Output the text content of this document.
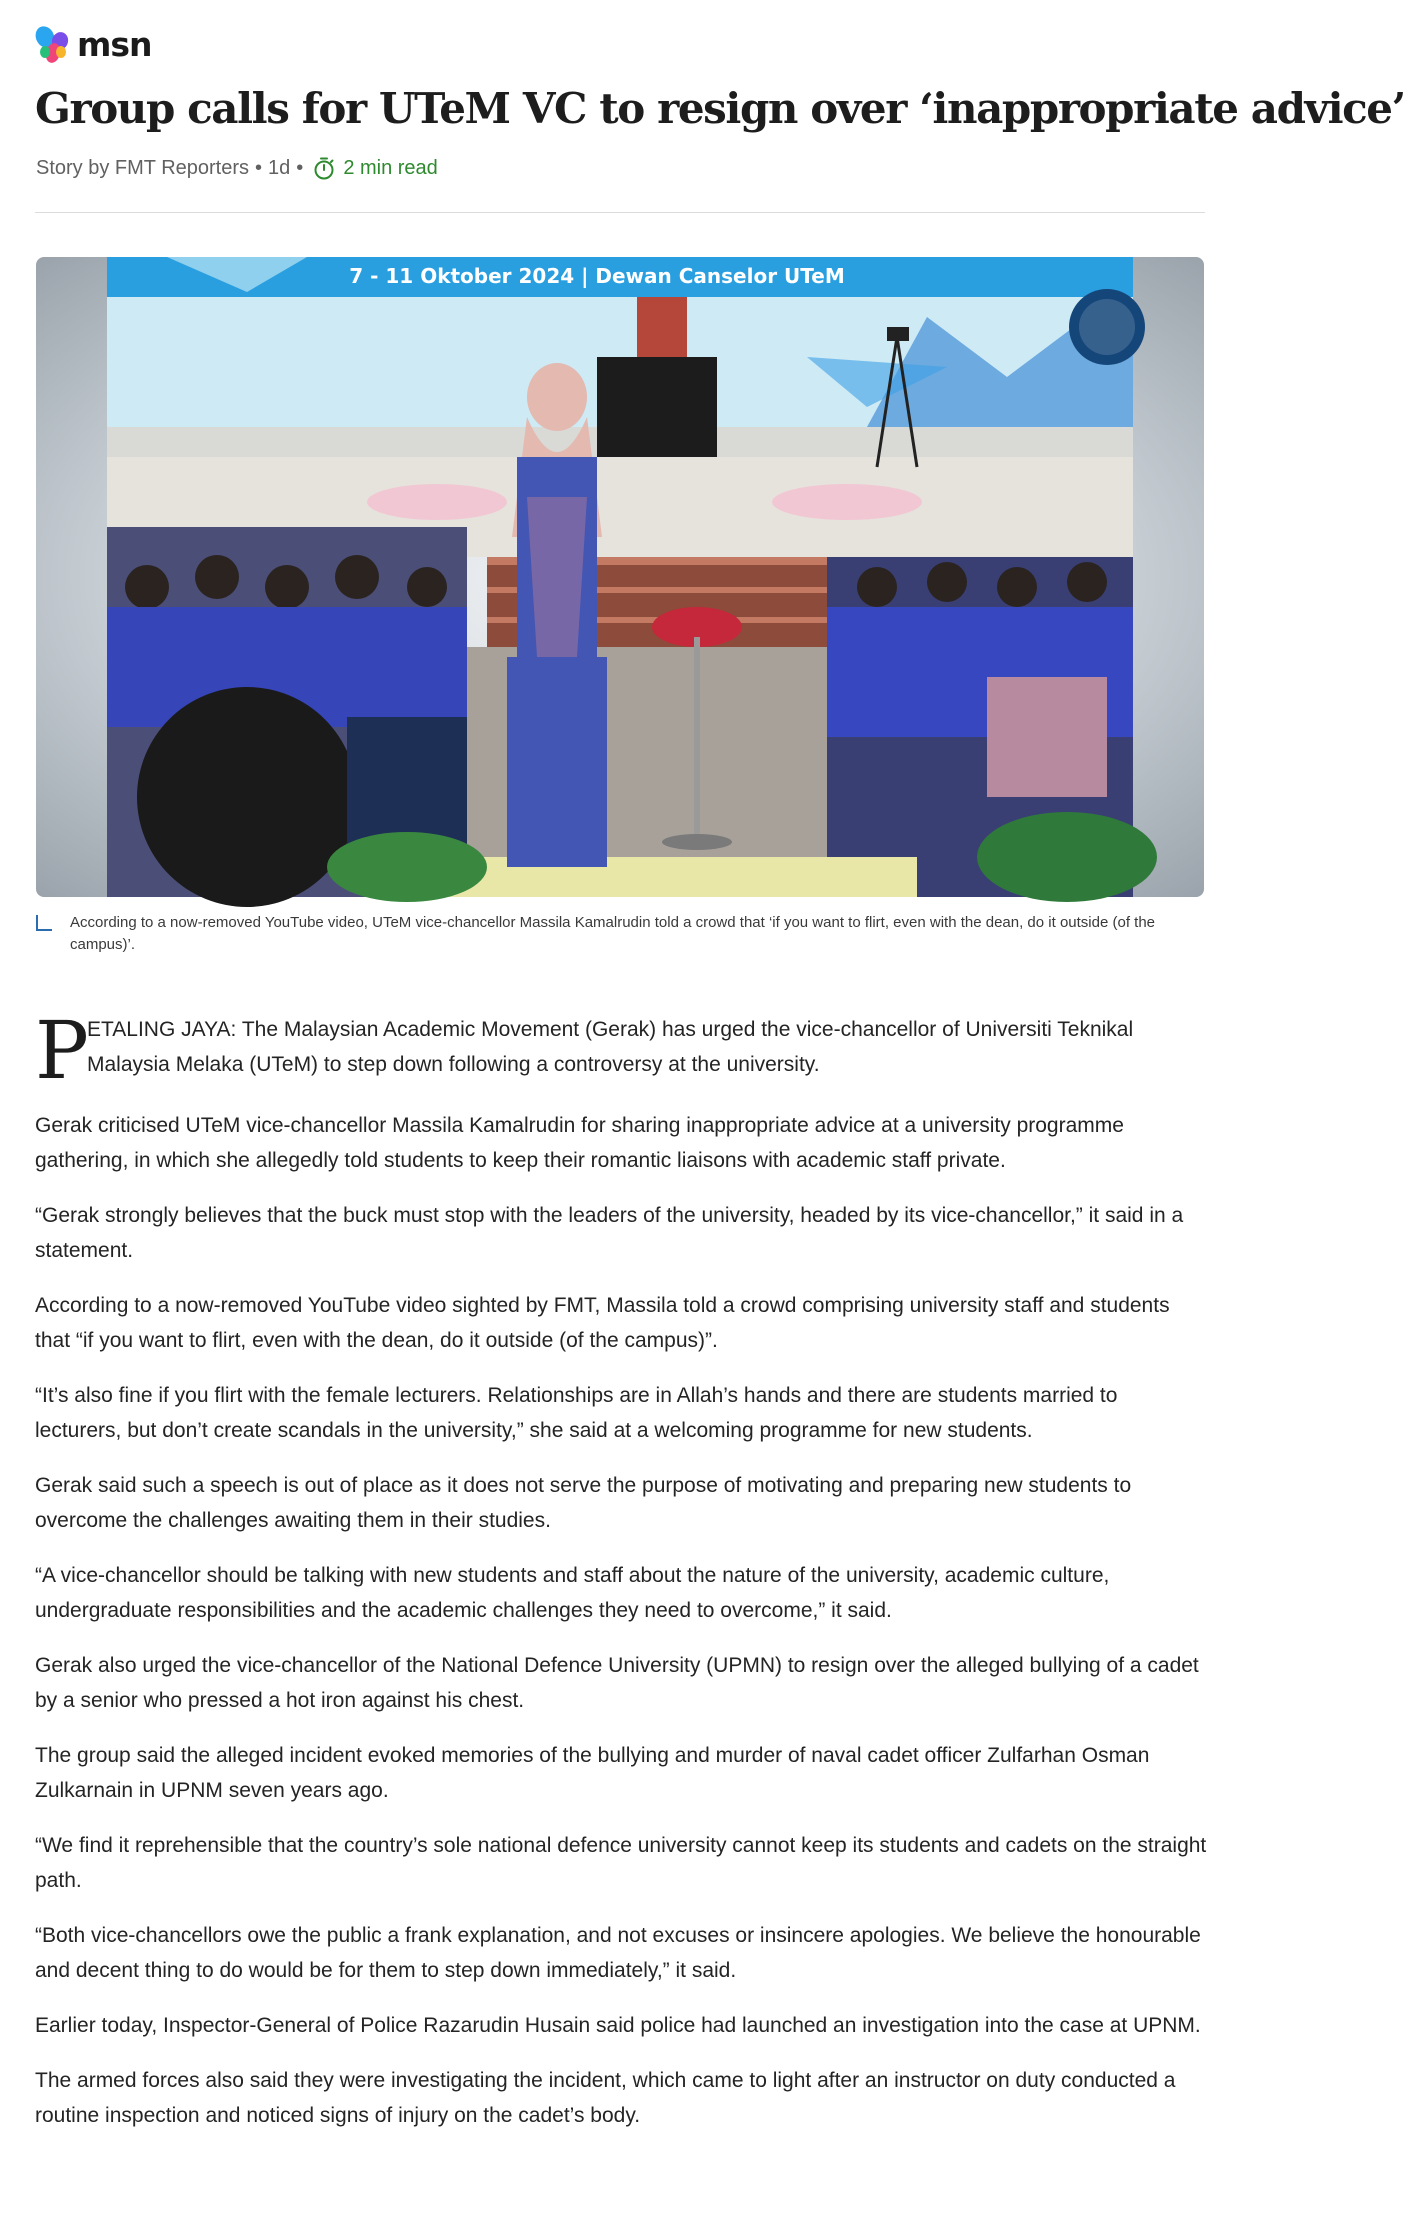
msn
Group calls for UTeM VC to resign over ‘inappropriate advice’
Story by FMT Reporters • 1d • 2 min read
7 - 11 Oktober 2024 | Dewan Canselor UTeM
According to a now-removed YouTube video, UTeM vice-chancellor Massila Kamalrudin told a crowd that ‘if you want to flirt, even with the dean, do it outside (of the campus)’.
P
ETALING JAYA: The Malaysian Academic Movement (Gerak) has urged the vice-chancellor of Universiti Teknikal Malaysia Melaka (UTeM) to step down following a controversy at the university.

Gerak criticised UTeM vice-chancellor Massila Kamalrudin for sharing inappropriate advice at a university programme gathering, in which she allegedly told students to keep their romantic liaisons with academic staff private.

“Gerak strongly believes that the buck must stop with the leaders of the university, headed by its vice-chancellor,” it said in a statement.

According to a now-removed YouTube video sighted by FMT, Massila told a crowd comprising university staff and students that “if you want to flirt, even with the dean, do it outside (of the campus)”.

“It’s also fine if you flirt with the female lecturers. Relationships are in Allah’s hands and there are students married to lecturers, but don’t create scandals in the university,” she said at a welcoming programme for new students.

Gerak said such a speech is out of place as it does not serve the purpose of motivating and preparing new students to overcome the challenges awaiting them in their studies.

“A vice-chancellor should be talking with new students and staff about the nature of the university, academic culture, undergraduate responsibilities and the academic challenges they need to overcome,” it said.

Gerak also urged the vice-chancellor of the National Defence University (UPMN) to resign over the alleged bullying of a cadet by a senior who pressed a hot iron against his chest.

The group said the alleged incident evoked memories of the bullying and murder of naval cadet officer Zulfarhan Osman Zulkarnain in UPNM seven years ago.

“We find it reprehensible that the country’s sole national defence university cannot keep its students and cadets on the straight path.

“Both vice-chancellors owe the public a frank explanation, and not excuses or insincere apologies. We believe the honourable and decent thing to do would be for them to step down immediately,” it said.

Earlier today, Inspector-General of Police Razarudin Husain said police had launched an investigation into the case at UPNM.

The armed forces also said they were investigating the incident, which came to light after an instructor on duty conducted a routine inspection and noticed signs of injury on the cadet’s body.
